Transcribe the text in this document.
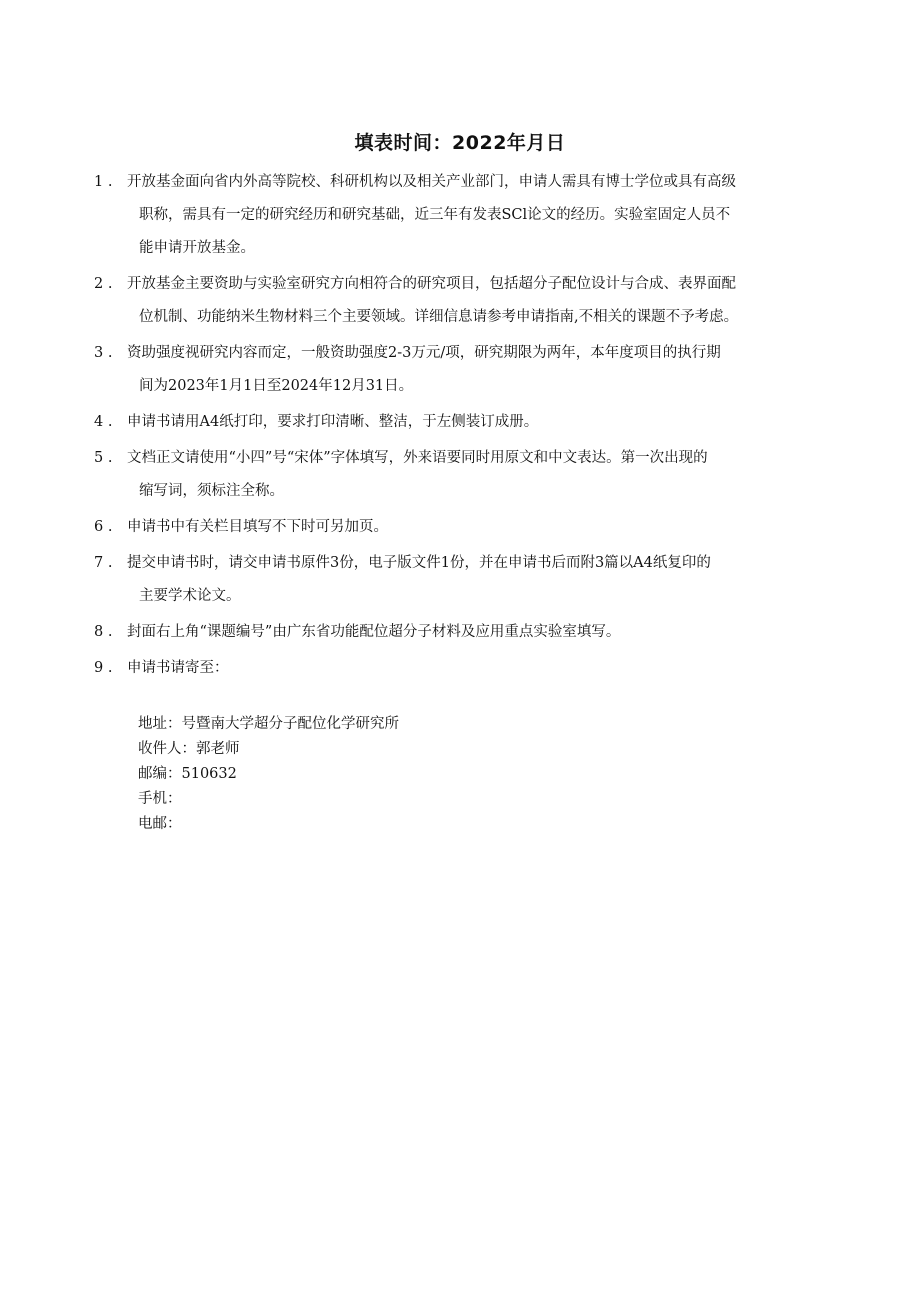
填表时间：2022年月日
1 .	开放基金面向省内外高等院校、科研机构以及相关产业部门，申请人需具有博士学位或具有高级
职称，需具有一定的研究经历和研究基础，近三年有发表SCl论文的经历。实验室固定人员不
能申请开放基金。
2 .	开放基金主要资助与实验室研究方向相符合的研究项目，包括超分子配位设计与合成、表界面配
位机制、功能纳米生物材料三个主要领域。详细信息请参考申请指南,不相关的课题不予考虑。
3 .	资助强度视研究内容而定，一般资助强度2-3万元/项，研究期限为两年，本年度项目的执行期
间为2023年1月1日至2024年12月31日。
4 .	申请书请用A4纸打印，要求打印清晰、整洁，于左侧装订成册。
5 .	文档正文请使用“小四”号“宋体”字体填写，外来语要同时用原文和中文表达。第一次出现的
缩写词，须标注全称。
6 .	申请书中有关栏目填写不下时可另加页。
7 .	提交申请书时，请交申请书原件3份，电子版文件1份，并在申请书后而附3篇以A4纸复印的
主要学术论文。
8 .	封面右上角“课题编号”由广东省功能配位超分子材料及应用重点实验室填写。
9 .	申请书请寄至：
地址：号暨南大学超分子配位化学研究所
收件人：郭老师
邮编：510632
手机：
电邮：
